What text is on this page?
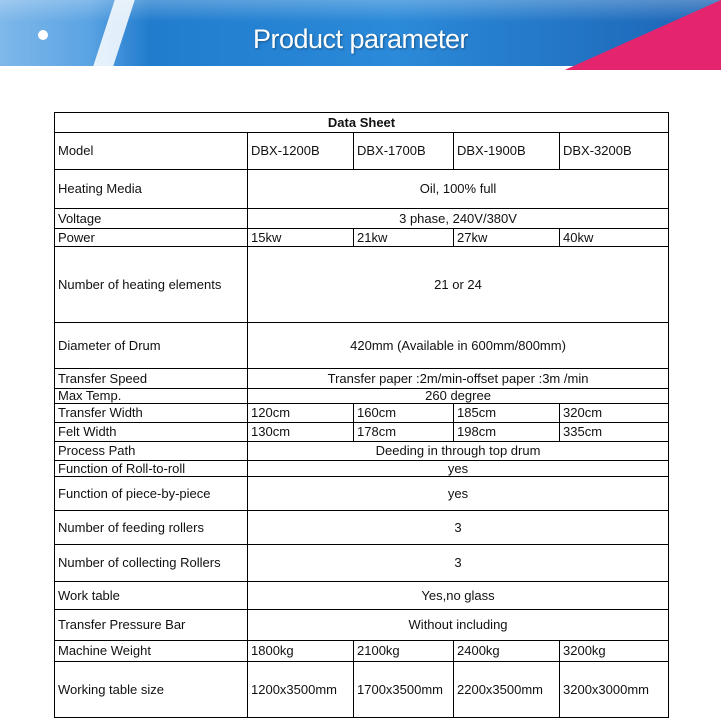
Product parameter
Data Sheet				
Model	DBX-1200B	DBX-1700B	DBX-1900B	DBX-3200B
Heating Media	Oil, 100% full			
Voltage	3 phase, 240V/380V			
Power	15kw	21kw	27kw	40kw
Number of heating elements	21 or 24			
Diameter of Drum	420mm (Available in 600mm/800mm)			
Transfer Speed	Transfer paper :2m/min-offset paper :3m /min			
Max Temp.	260 degree			
Transfer Width	120cm	160cm	185cm	320cm
Felt Width	130cm	178cm	198cm	335cm
Process Path	Deeding in through top drum			
Function of Roll-to-roll	yes			
Function of piece-by-piece	yes			
Number of feeding rollers	3			
Number of collecting Rollers	3			
Work table	Yes,no glass			
Transfer Pressure Bar	Without including			
Machine Weight	1800kg	2100kg	2400kg	3200kg
Working table size	1200x3500mm	1700x3500mm	2200x3500mm	3200x3000mm
